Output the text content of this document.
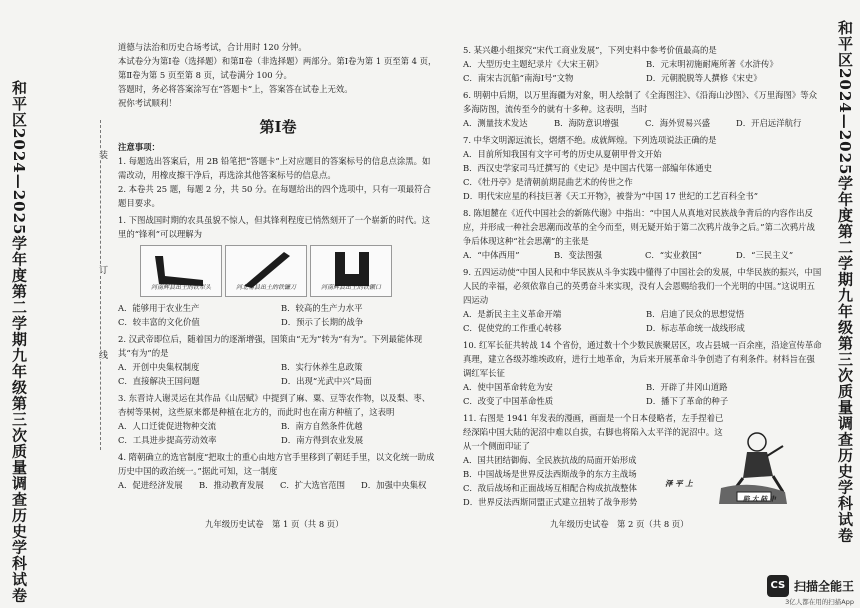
和平区2024—2025学年度第二学期九年级第三次质量调查历史学科试卷	装
订
线

道德与法治和历史合场考试，合计用时 120 分钟。

本试卷分为第Ⅰ卷（选择题）和第Ⅱ卷（非选择题）两部分。第Ⅰ卷为第 1 页至第 4 页，第Ⅱ卷为第 5 页至第 8 页，试卷满分 100 分。

答题时，务必将答案涂写在“答题卡”上，答案答在试卷上无效。

祝你考试顺利！

第Ⅰ卷

注意事项：

1. 每题选出答案后，用 2B 铅笔把“答题卡”上对应题目的答案标号的信息点涂黑。如需改动，用橡皮擦干净后，再选涂其他答案标号的信息点。

2. 本卷共 25 题，每题 2 分，共 50 分。在每题给出的四个选项中，只有一项最符合题目要求。

1. 下图战国时期的农具虽貌不惊人，但其锋利程度已悄然刻开了一个崭新的时代。这里的“锋利”可以理解为

河南辉县出土的铁犁头	河北易县出土的铁镰刀	河南辉县出土的铁镢口

A．能够用于农业生产	B．较高的生产力水平

C．较丰富的文化价值	D．预示了长期的战争

2. 汉武帝即位后，随着国力的逐渐增强，国策由“无为”转为“有为”。下列最能体现其“有为”的是

A．开创中央集权制度	B．实行休养生息政策

C．直接解决王国问题	D．出现“光武中兴”局面

3. 东晋诗人谢灵运在其作品《山居赋》中提到了麻、粟、豆等农作物，以及梨、枣、杏树等果树，这些原来都是种植在北方的，而此时也在南方种植了，这表明

A．人口迁徙促进物种交流	B．南方自然条件优越

C．工具进步提高劳动效率	D．南方得到农业发展

4. 隋朝确立的选官制度“把取士的重心由地方官手里移到了朝廷手里，以文化统一助成历史中国的政治统一。”据此可知，这一制度

A．促进经济发展	B．推动教育发展	C．扩大选官范围	D．加强中央集权

九年级历史试卷　第 1 页（共 8 页）	和平区2024—2025学年度第二学期九年级第三次质量调查历史学科试卷

5. 某兴趣小组探究“宋代工商业发展”，下列史料中参考价值最高的是

A．大型历史主题纪录片《大宋王朝》	B．元末明初施耐庵所著《水浒传》

C．南宋古沉船“南海Ⅰ号”文物	D．元朝脱脱等人撰修《宋史》

6. 明朝中后期，以万里海疆为对象，明人绘制了《全海图注》、《沿海山沙图》、《万里海图》等众多海防图，流传至今的就有十多种。这表明，当时

A．测量技术发达	B．海防意识增强	C．海外贸易兴盛	D．开启远洋航行

7. 中华文明源远流长，熠熠不绝。成就辉煌。下列选项说法正确的是

A．目前所知我国有文字可考的历史从夏朝甲骨文开始

B．西汉史学家司马迁撰写的《史记》是中国古代第一部编年体通史

C．《牡丹亭》是清朝前期昆曲艺术的传世之作

D．明代宋应星的科技巨著《天工开物》，被誉为“中国 17 世纪的工艺百科全书”

8. 陈旭麓在《近代中国社会的新陈代谢》中指出：“中国人从真地对民族战争背后的内容作出反应，并形成一种社会思潮而改革的全今而至，则无疑开始于第二次鸦片战争之后。”第二次鸦片战争后体现这种“社会思潮”的主张是

A．“中体西用”	B．变法图强	C．“实业救国”	D．“三民主义”

9. 五四运动使“中国人民和中华民族从斗争实践中懂得了中国社会的发展，中华民族的振兴，中国人民的幸福，必须依靠自己的英勇奋斗来实现，没有人会恩赐给我们一个光明的中国。”这说明五四运动

A．是新民主主义革命开端	B．启迪了民众的思想觉悟

C．促使党的工作重心转移	D．标志革命统一战线形成

10. 红军长征共转战 14 个省份，通过数十个少数民族聚居区，攻占县城一百余座，沿途宣传革命真理，建立各级苏维埃政府，进行土地革命，为后来开展革命斗争创造了有利条件。材料旨在强调红军长征

A．使中国革命转危为安	B．开辟了井冈山道路

C．改变了中国革命性质	D．播下了革命的种子

11. 右图是 1941 年发表的漫画，画面是一个日本侵略者，左手捏着已经深陷中国大陆的泥沼中难以自拔，右脚也将陷入太平洋的泥沼中。这从一个侧面印证了

A．国共团结御侮、全民族抗战的局面开始形成

B．中国战场是世界反法西斯战争的东方主战场

C．敌后战场和正面战场互相配合构成抗战整体

D．世界反法西斯同盟正式建立扭转了战争形势

泽 平 上
陷 大 陆 中
九年级历史试卷　第 2 页（共 8 页）
CS 扫描全能王
3亿人都在用的扫描App
